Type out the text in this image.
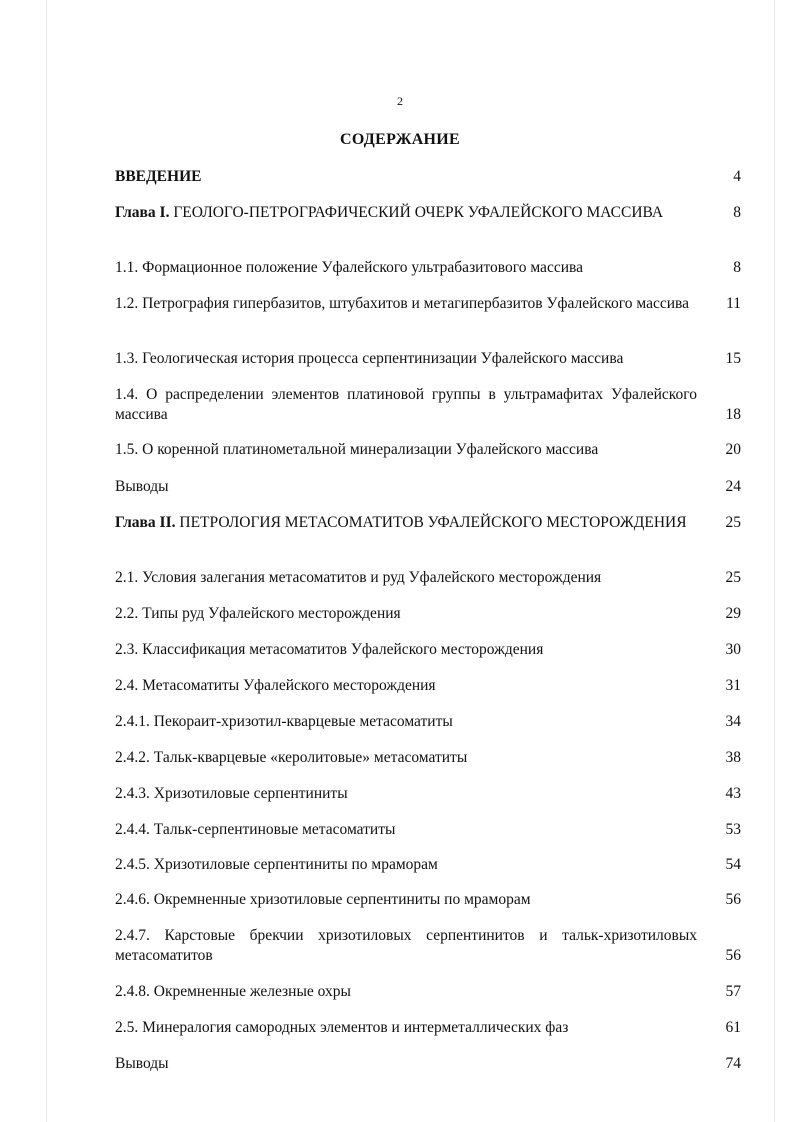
2
СОДЕРЖАНИЕ
ВВЕДЕНИЕ	4
Глава I. ГЕОЛОГО-ПЕТРОГРАФИЧЕСКИЙ ОЧЕРК УФАЛЕЙСКОГО МАССИВА	8
1.1. Формационное положение Уфалейского ультрабазитового массива	8
1.2. Петрография гипербазитов, штубахитов и метагипербазитов Уфалейского массива	11
1.3. Геологическая история процесса серпентинизации Уфалейского массива	15
1.4. О распределении элементов платиновой группы в ультрамафитах Уфалейского массива	18
1.5. О коренной платинометальной минерализации Уфалейского массива	20
Выводы	24
Глава II. ПЕТРОЛОГИЯ МЕТАСОМАТИТОВ УФАЛЕЙСКОГО МЕСТОРОЖДЕНИЯ	25
2.1. Условия залегания метасоматитов и руд Уфалейского месторождения	25
2.2. Типы руд Уфалейского месторождения	29
2.3. Классификация метасоматитов Уфалейского месторождения	30
2.4. Метасоматиты Уфалейского месторождения	31
2.4.1. Пекораит-хризотил-кварцевые метасоматиты	34
2.4.2. Тальк-кварцевые «керолитовые» метасоматиты	38
2.4.3. Хризотиловые серпентиниты	43
2.4.4. Тальк-серпентиновые метасоматиты	53
2.4.5. Хризотиловые серпентиниты по мраморам	54
2.4.6. Окремненные хризотиловые серпентиниты по мраморам	56
2.4.7. Карстовые брекчии хризотиловых серпентинитов и тальк-хризотиловых метасоматитов	56
2.4.8. Окремненные железные охры	57
2.5. Минералогия самородных элементов и интерметаллических фаз	61
Выводы	74
